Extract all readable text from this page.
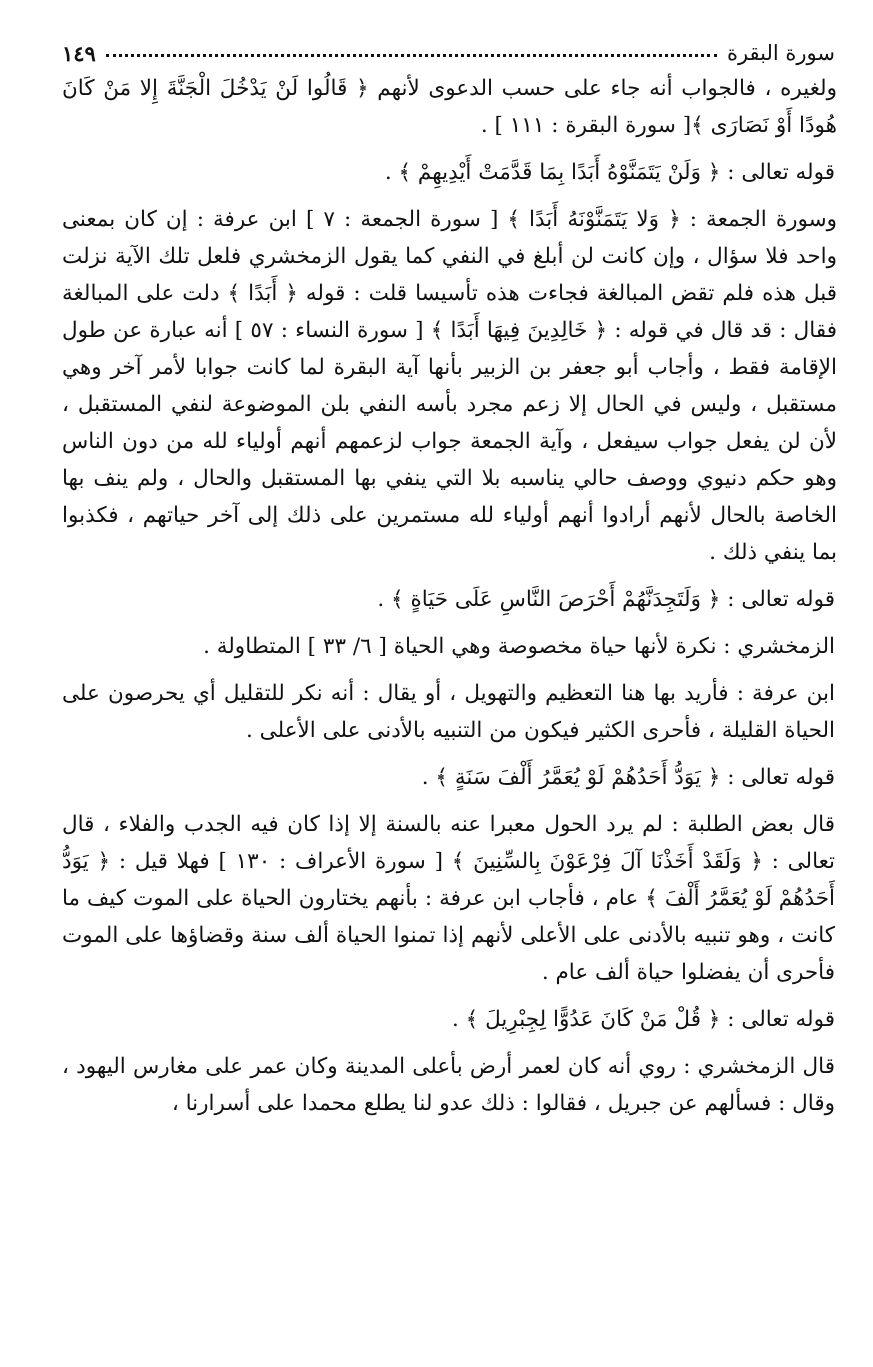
سورة البقرة
١٤٩

ولغيره ، فالجواب أنه جاء على حسب الدعوى لأنهم ﴿ قَالُوا لَنْ يَدْخُلَ الْجَنَّةَ إِلا مَنْ كَانَ هُودًا أَوْ نَصَارَى ﴾[ سورة البقرة : ١١١ ] .

قوله تعالى : ﴿ وَلَنْ يَتَمَنَّوْهُ أَبَدًا بِمَا قَدَّمَتْ أَيْدِيهِمْ ﴾ .

وسورة الجمعة : ﴿ وَلا يَتَمَنَّوْنَهُ أَبَدًا ﴾ [ سورة الجمعة : ٧ ] ابن عرفة : إن كان بمعنى واحد فلا سؤال ، وإن كانت لن أبلغ في النفي كما يقول الزمخشري فلعل تلك الآية نزلت قبل هذه فلم تقض المبالغة فجاءت هذه تأسيسا قلت : قوله ﴿ أَبَدًا ﴾ دلت على المبالغة فقال : قد قال في قوله : ﴿ خَالِدِينَ فِيهَا أَبَدًا ﴾ [ سورة النساء : ٥٧ ] أنه عبارة عن طول الإقامة فقط ، وأجاب أبو جعفر بن الزبير بأنها آية البقرة لما كانت جوابا لأمر آخر وهي مستقبل ، وليس في الحال إلا زعم مجرد بأسه النفي بلن الموضوعة لنفي المستقبل ، لأن لن يفعل جواب سيفعل ، وآية الجمعة جواب لزعمهم أنهم أولياء لله من دون الناس وهو حكم دنيوي ووصف حالي يناسبه بلا التي ينفي بها المستقبل والحال ، ولم ينف بها الخاصة بالحال لأنهم أرادوا أنهم أولياء لله مستمرين على ذلك إلى آخر حياتهم ، فكذبوا بما ينفي ذلك .

قوله تعالى : ﴿ وَلَتَجِدَنَّهُمْ أَحْرَصَ النَّاسِ عَلَى حَيَاةٍ ﴾ .

الزمخشري : نكرة لأنها حياة مخصوصة وهي الحياة [ ٦/ ٣٣ ] المتطاولة .

ابن عرفة : فأريد بها هنا التعظيم والتهويل ، أو يقال : أنه نكر للتقليل أي يحرصون على الحياة القليلة ، فأحرى الكثير فيكون من التنبيه بالأدنى على الأعلى .

قوله تعالى : ﴿ يَوَدُّ أَحَدُهُمْ لَوْ يُعَمَّرُ أَلْفَ سَنَةٍ ﴾ .

قال بعض الطلبة : لم يرد الحول معبرا عنه بالسنة إلا إذا كان فيه الجدب والفلاء ، قال تعالى : ﴿ وَلَقَدْ أَخَذْنَا آلَ فِرْعَوْنَ بِالسِّنِينَ ﴾ [ سورة الأعراف : ١٣٠ ] فهلا قيل : ﴿ يَوَدُّ أَحَدُهُمْ لَوْ يُعَمَّرُ أَلْفَ ﴾ عام ، فأجاب ابن عرفة : بأنهم يختارون الحياة على الموت كيف ما كانت ، وهو تنبيه بالأدنى على الأعلى لأنهم إذا تمنوا الحياة ألف سنة وقضاؤها على الموت فأحرى أن يفضلوا حياة ألف عام .

قوله تعالى : ﴿ قُلْ مَنْ كَانَ عَدُوًّا لِجِبْرِيلَ ﴾ .

قال الزمخشري : روي أنه كان لعمر أرض بأعلى المدينة وكان عمر على مغارس اليهود ، وقال : فسألهم عن جبريل ، فقالوا : ذلك عدو لنا يطلع محمدا على أسرارنا ،
